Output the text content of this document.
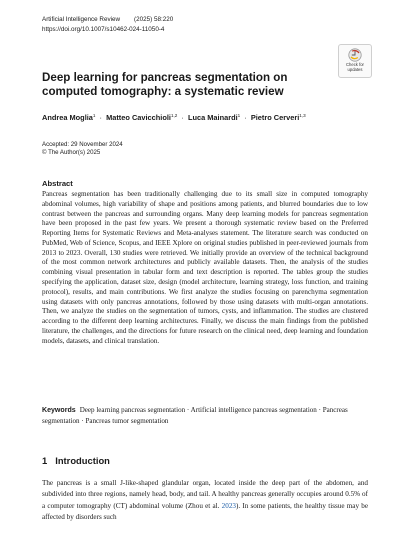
Artificial Intelligence Review (2025) 58:220
https://doi.org/10.1007/s10462-024-11050-4
Check for
updates
Deep learning for pancreas segmentation on computed tomography: a systematic review
Andrea Moglia$^1$ · Matteo Cavicchioli$^{1,2}$ · Luca Mainardi$^1$ · Pietro Cerveri$^{1,3}$
Accepted: 29 November 2024
© The Author(s) 2025
Abstract

Pancreas segmentation has been traditionally challenging due to its small size in computed tomography abdominal volumes, high variability of shape and positions among patients, and blurred boundaries due to low contrast between the pancreas and surrounding organs. Many deep learning models for pancreas segmentation have been proposed in the past few years. We present a thorough systematic review based on the Preferred Reporting Items for Systematic Reviews and Meta-analyses statement. The literature search was conducted on PubMed, Web of Science, Scopus, and IEEE Xplore on original studies published in peer-reviewed journals from 2013 to 2023. Overall, 130 studies were retrieved. We initially provide an overview of the technical background of the most common network architectures and publicly available datasets. Then, the analysis of the studies combining visual presentation in tabular form and text description is reported. The tables group the studies specifying the application, dataset size, design (model architecture, learning strategy, loss function, and training protocol), results, and main contributions. We first analyze the studies focusing on parenchyma segmentation using datasets with only pancreas annotations, followed by those using datasets with multi-organ annotations. Then, we analyze the studies on the segmentation of tumors, cysts, and inflammation. The studies are clustered according to the different deep learning architectures. Finally, we discuss the main findings from the published literature, the challenges, and the directions for future research on the clinical need, deep learning and foundation models, datasets, and clinical translation.

Keywords Deep learning pancreas segmentation · Artificial intelligence pancreas segmentation · Pancreas segmentation · Pancreas tumor segmentation

1 Introduction

The pancreas is a small J-like-shaped glandular organ, located inside the deep part of the abdomen, and subdivided into three regions, namely head, body, and tail. A healthy pancreas generally occupies around 0.5% of a computer tomography (CT) abdominal volume (Zhou et al. 2023). In some patients, the healthy tissue may be affected by disorders such
